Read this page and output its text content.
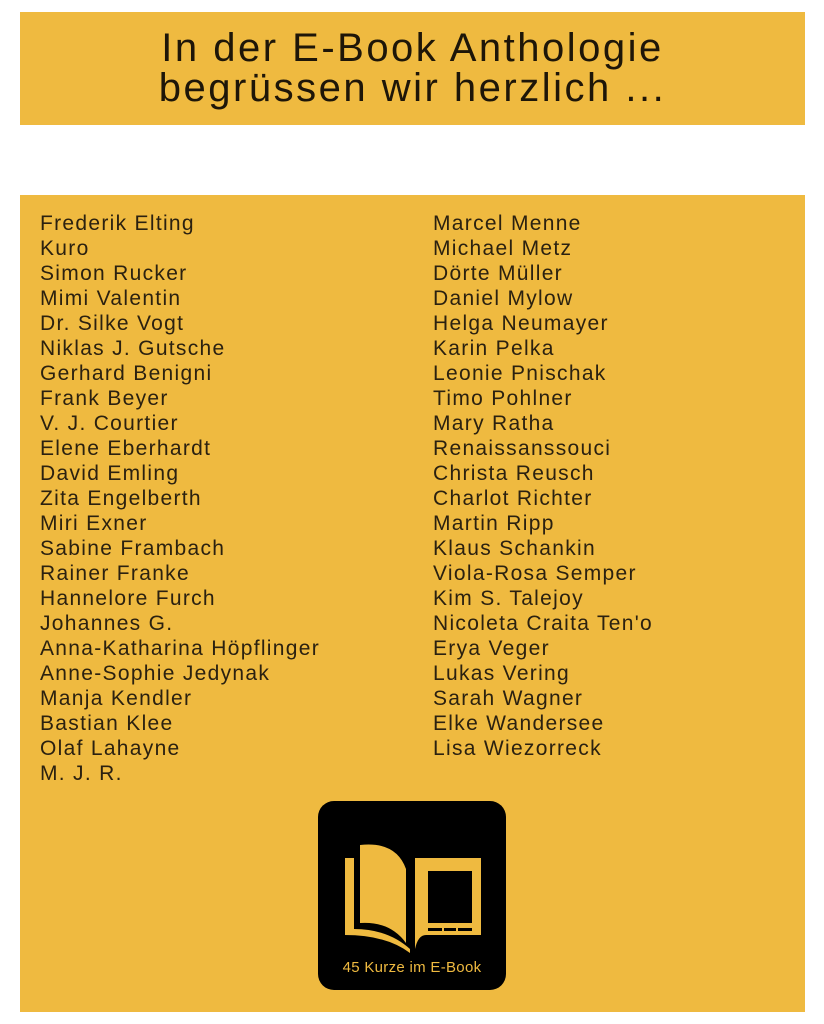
In der E-Book Anthologie
begrüssen wir herzlich ...
Frederik Elting
Kuro
Simon Rucker
Mimi Valentin
Dr. Silke Vogt
Niklas J. Gutsche
Gerhard Benigni
Frank Beyer
V. J. Courtier
Elene Eberhardt
David Emling
Zita Engelberth
Miri Exner
Sabine Frambach
Rainer Franke
Hannelore Furch
Johannes G.
Anna-Katharina Höpflinger
Anne-Sophie Jedynak
Manja Kendler
Bastian Klee
Olaf Lahayne
M. J. R.
Marcel Menne
Michael Metz
Dörte Müller
Daniel Mylow
Helga Neumayer
Karin Pelka
Leonie Pnischak
Timo Pohlner
Mary Ratha
Renaissanssouci
Christa Reusch
Charlot Richter
Martin Ripp
Klaus Schankin
Viola-Rosa Semper
Kim S. Talejoy
Nicoleta Craita Ten'o
Erya Veger
Lukas Vering
Sarah Wagner
Elke Wandersee
Lisa Wiezorreck
45 Kurze im E-Book
